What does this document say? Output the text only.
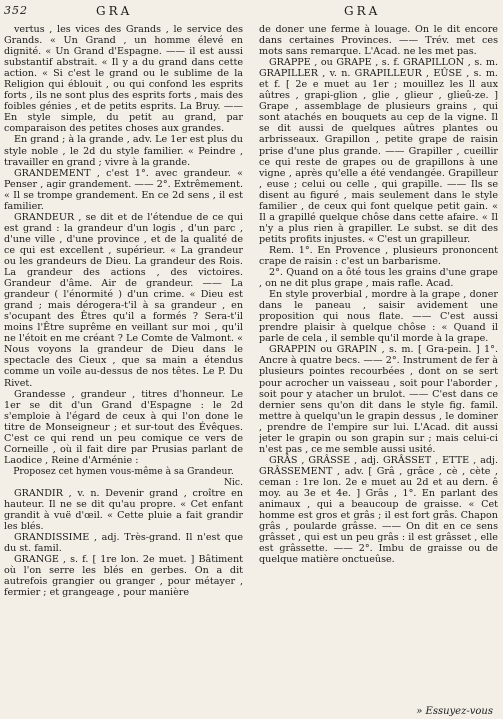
352	GRA	GRA

vertus , les vices des Grands , le service des Grands. « Un Grand , un homme élevé en dignité. « Un Grand d'Espagne. —— il est aussi substantif abstrait. « Il y a du grand dans cette action. « Si c'est le grand ou le sublime de la Religion qui éblouit , ou qui confond les esprits forts , ils ne sont plus des esprits forts , mais des foibles génies , et de petits esprits. La Bruy. —— En style simple, du petit au grand, par comparaison des petites choses aux grandes.

En grand ; à la grande , adv. Le 1er est plus du style noble , le 2d du style familier. « Peindre , travailler en grand ; vivre à la grande.

GRANDEMENT , c'est 1°. avec grandeur. « Penser , agir grandement. —— 2°. Extrêmement. « Il se trompe grandement. En ce 2d sens , il est familier.

GRANDEUR , se dit et de l'étendue de ce qui est grand : la grandeur d'un logis , d'un parc , d'une ville , d'une province , et de la qualité de ce qui est excellent , supérieur. « La grandeur ou les grandeurs de Dieu. La grandeur des Rois. La grandeur des actions , des victoires. Grandeur d'âme. Air de grandeur. —— La grandeur ( l'énormité ) d'un crime. « Dieu est grand ; mais dérogera-t'il à sa grandeur , en s'ocupant des Êtres qu'il a formés ? Sera-t'il moins l'Être suprême en veillant sur moi , qu'il ne l'étoit en me créant ? Le Comte de Valmont. « Nous voyons la grandeur de Dieu dans le spectacle des Cieux , que sa main a étendus comme un voile au-dessus de nos têtes. Le P. Du Rivet.

Grandesse , grandeur , titres d'honneur. Le 1er se dit d'un Grand d'Espagne : le 2d s'emploie à l'égard de ceux à qui l'on done le titre de Monseigneur ; et sur-tout des Évêques. C'est ce qui rend un peu comique ce vers de Corneille , où il fait dire par Prusias parlant de Laodice , Reine d'Arménie :

Proposez cet hymen vous-même à sa Grandeur.

Nic.

GRANDIR , v. n. Devenir grand , croître en hauteur. Il ne se dit qu'au propre. « Cet enfant grandit à vuë d'œil. « Cette pluie a fait grandir les blés.

GRANDISSIME , adj. Très-grand. Il n'est que du st. famil.

GRANGE , s. f. [ 1re lon. 2e muet. ] Bâtiment où l'on serre les blés en gerbes. On a dit autrefois grangier ou granger , pour métayer , fermier ; et grangeage , pour manière

de doner une ferme à louage. On le dit encore dans certaines Provinces. —— Trév. met ces mots sans remarque. L'Acad. ne les met pas.

GRAPPE , ou GRAPE , s. f. GRAPILLON , s. m. GRAPILLER , v. n. GRAPILLEUR , EÛSE , s. m. et f. [ 2e e muet au 1er ; mouillez les ll aux aûtres , grapi-glion , glie , glieur , glieû-ze. ] Grape , assemblage de plusieurs grains , qui sont atachés en bouquets au cep de la vigne. Il se dit aussi de quelques aûtres plantes ou arbrisseaux. Grapillon , petite grape de raisin prise d'une plus grande. —— Grapiller , cueillir ce qui reste de grapes ou de grapillons à une vigne , après qu'elle a été vendangée. Grapilleur , euse ; celui ou celle , qui grapille. —— Ils se disent au figuré , mais seulement dans le style familier , de ceux qui font quelque petit gain. « Il a grapillé quelque chôse dans cette afaire. « Il n'y a plus rien à grapiller. Le subst. se dit des petits profits injustes. « C'est un grapilleur.

Rem. 1°. En Provence , plusieurs prononcent crape de raisin : c'est un barbarisme.

2°. Quand on a ôté tous les grains d'une grape , on ne dit plus grape , mais rafle. Acad.

En style proverbial , mordre à la grape , doner dans le paneau , saisir avidement une proposition qui nous flate. —— C'est aussi prendre plaisir à quelque chôse : « Quand il parle de cela , il semble qu'il morde à la grape.

GRAPPIN ou GRAPIN , s. m. [ Gra-pein. ] 1°. Ancre à quatre becs. —— 2°. Instrument de fer à plusieurs pointes recourbées , dont on se sert pour acrocher un vaisseau , soit pour l'aborder , soit pour y atacher un brulot. —— C'est dans ce dernier sens qu'on dit dans le style fig. famil. mettre à quelqu'un le grapin dessus , le dominer , prendre de l'empire sur lui. L'Acad. dit aussi jeter le grapin ou son grapin sur ; mais celui-ci n'est pas , ce me semble aussi usité.

GRÂS , GRÂSSE , adj. GRÂSSET , ETTE , adj. GRÂSSEMENT , adv. [ Grâ , grâce , cè , cète , ceman : 1re lon. 2e e muet au 2d et au dern. ê moy. au 3e et 4e. ] Grâs , 1°. En parlant des animaux , qui a beaucoup de graisse. « Cet homme est gros et grâs ; il est fort grâs. Chapon grâs , poularde grâsse. —— On dit en ce sens grâsset , qui est un peu grâs : il est grâsset , elle est grâssette. —— 2°. Imbu de graisse ou de quelque matière onctueûse.

» Essuyez-vous
